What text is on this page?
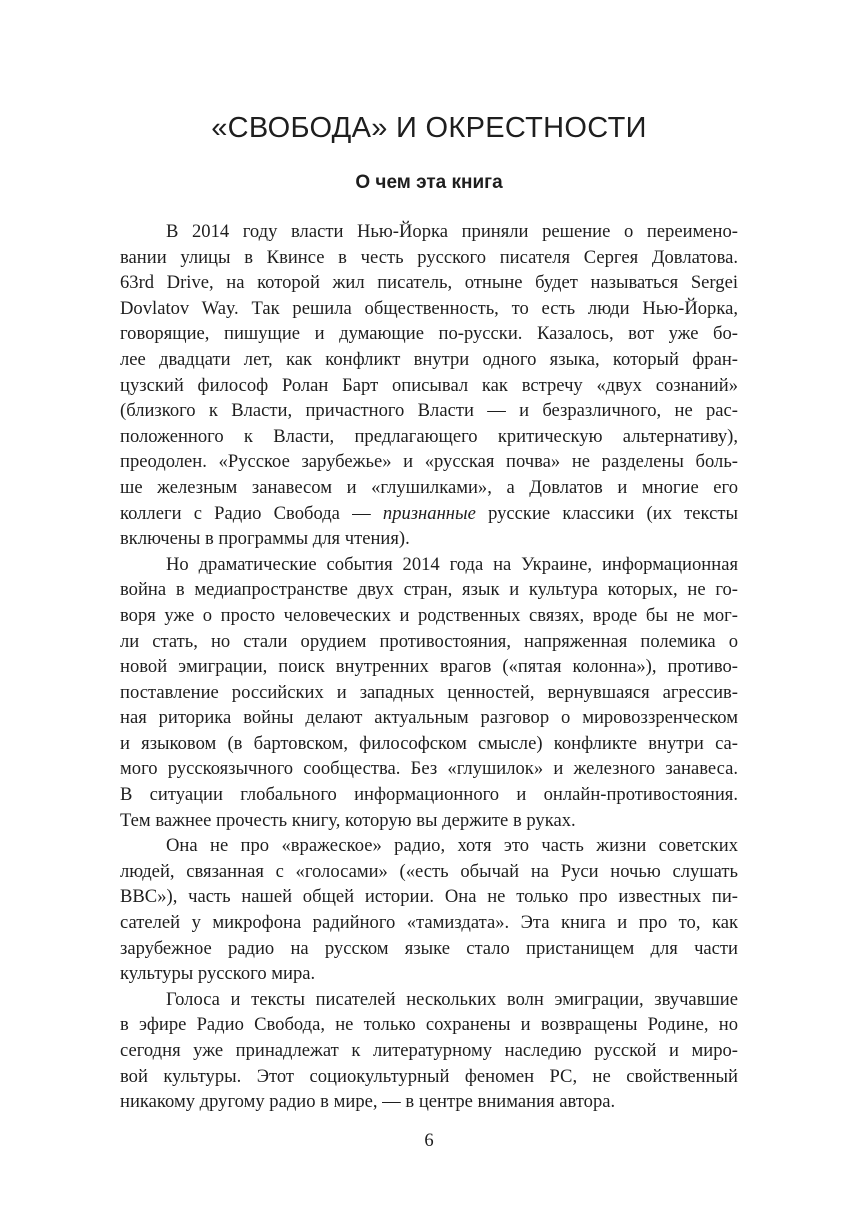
«СВОБОДА» И ОКРЕСТНОСТИ
О чем эта книга
В 2014 году власти Нью-Йорка приняли решение о переимено-
вании улицы в Квинсе в честь русского писателя Сергея Довлатова.
63rd Drive, на которой жил писатель, отныне будет называться Sergei
Dovlatov Way. Так решила общественность, то есть люди Нью-Йорка,
говорящие, пишущие и думающие по-русски. Казалось, вот уже бо-
лее двадцати лет, как конфликт внутри одного языка, который фран-
цузский философ Ролан Барт описывал как встречу «двух сознаний»
(близкого к Власти, причастного Власти — и безразличного, не рас-
положенного к Власти, предлагающего критическую альтернативу),
преодолен. «Русское зарубежье» и «русская почва» не разделены боль-
ше железным занавесом и «глушилками», а Довлатов и многие его
коллеги с Радио Свобода — признанные русские классики (их тексты
включены в программы для чтения).
Но драматические события 2014 года на Украине, информационная
война в медиапространстве двух стран, язык и культура которых, не го-
воря уже о просто человеческих и родственных связях, вроде бы не мог-
ли стать, но стали орудием противостояния, напряженная полемика о
новой эмиграции, поиск внутренних врагов («пятая колонна»), противо-
поставление российских и западных ценностей, вернувшаяся агрессив-
ная риторика войны делают актуальным разговор о мировоззренческом
и языковом (в бартовском, философском смысле) конфликте внутри са-
мого русскоязычного сообщества. Без «глушилок» и железного занавеса.
В ситуации глобального информационного и онлайн-противостояния.
Тем важнее прочесть книгу, которую вы держите в руках.
Она не про «вражеское» радио, хотя это часть жизни советских
людей, связанная с «голосами» («есть обычай на Руси ночью слушать
BBC»), часть нашей общей истории. Она не только про известных пи-
сателей у микрофона радийного «тамиздата». Эта книга и про то, как
зарубежное радио на русском языке стало пристанищем для части
культуры русского мира.
Голоса и тексты писателей нескольких волн эмиграции, звучавшие
в эфире Радио Свобода, не только сохранены и возвращены Родине, но
сегодня уже принадлежат к литературному наследию русской и миро-
вой культуры. Этот социокультурный феномен РС, не свойственный
никакому другому радио в мире, — в центре внимания автора.
6
